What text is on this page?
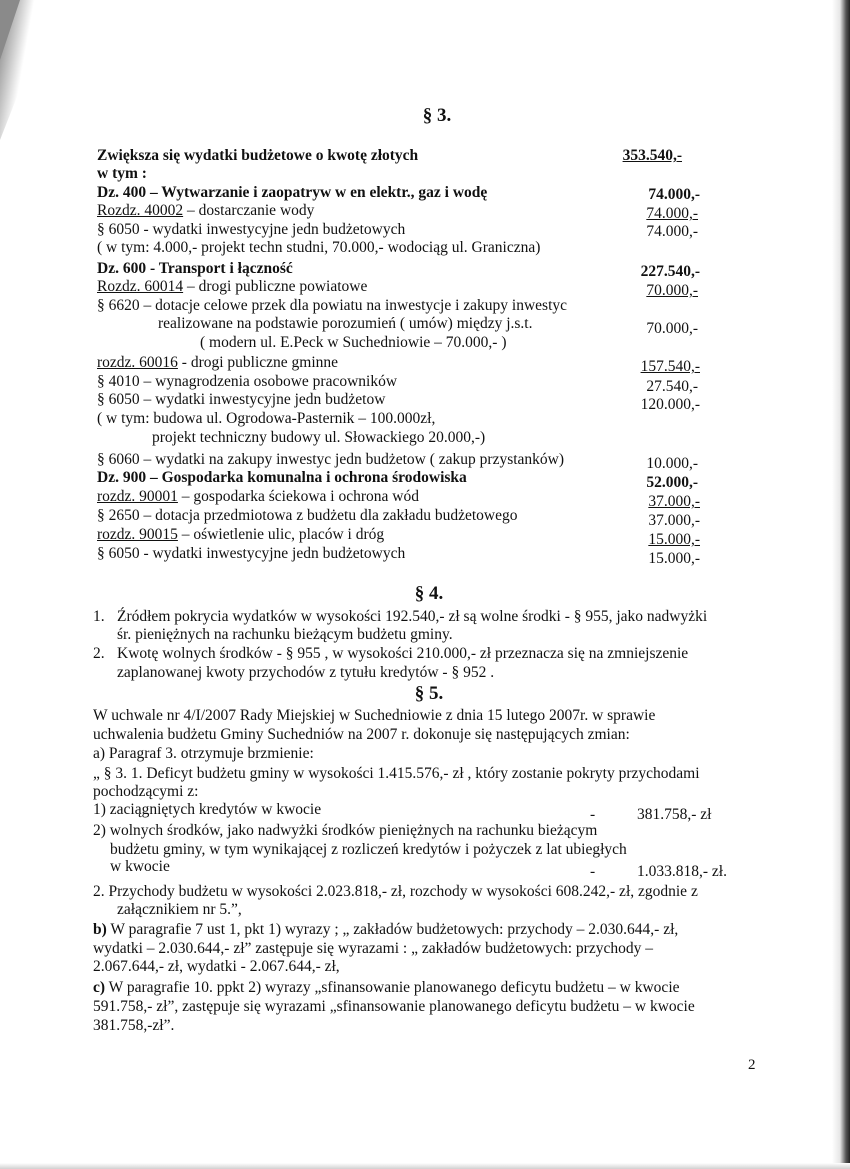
§ 3.
Zwiększa się wydatki budżetowe o kwotę złotych	353.540,-
w tym :
Dz. 400 – Wytwarzanie i zaopatryw w en elektr., gaz i wodę	74.000,-
Rozdz. 40002 – dostarczanie wody	74.000,-
§ 6050 - wydatki inwestycyjne jedn budżetowych	74.000,-
( w tym: 4.000,- projekt techn studni, 70.000,- wodociąg ul. Graniczna)
Dz. 600 - Transport i łączność	227.540,-
Rozdz. 60014 – drogi publiczne powiatowe	70.000,-
§ 6620 – dotacje celowe przek dla powiatu na inwestycje i zakupy inwestyc
realizowane na podstawie porozumień ( umów) między j.s.t.	70.000,-
( modern ul. E.Peck w Suchedniowie – 70.000,- )
rozdz. 60016 - drogi publiczne gminne	157.540,-
§ 4010 – wynagrodzenia osobowe pracowników	27.540,-
§ 6050 – wydatki inwestycyjne jedn budżetow	120.000,-
( w tym: budowa ul. Ogrodowa-Pasternik – 100.000zł,
projekt techniczny budowy ul. Słowackiego 20.000,-)
§ 6060 – wydatki na zakupy inwestyc jedn budżetow ( zakup przystanków)	10.000,-
Dz. 900 – Gospodarka komunalna i ochrona środowiska	52.000,-
rozdz. 90001 – gospodarka ściekowa i ochrona wód	37.000,-
§ 2650 – dotacja przedmiotowa z budżetu dla zakładu budżetowego	37.000,-
rozdz. 90015 – oświetlenie ulic, placów i dróg	15.000,-
§ 6050 - wydatki inwestycyjne jedn budżetowych	15.000,-
§ 4.
1. Źródłem pokrycia wydatków w wysokości 192.540,- zł są wolne środki - § 955, jako nadwyżki
śr. pieniężnych na rachunku bieżącym budżetu gminy.
2. Kwotę wolnych środków - § 955 , w wysokości 210.000,- zł przeznacza się na zmniejszenie
zaplanowanej kwoty przychodów z tytułu kredytów - § 952 .
§ 5.
W uchwale nr 4/I/2007 Rady Miejskiej w Suchedniowie z dnia 15 lutego 2007r. w sprawie
uchwalenia budżetu Gminy Suchedniów na 2007 r. dokonuje się następujących zmian:
a) Paragraf 3. otrzymuje brzmienie:
„ § 3. 1. Deficyt budżetu gminy w wysokości 1.415.576,- zł , który zostanie pokryty przychodami
pochodzącymi z:
1) zaciągniętych kredytów w kwocie	-	381.758,- zł
2) wolnych środków, jako nadwyżki środków pieniężnych na rachunku bieżącym
budżetu gminy, w tym wynikającej z rozliczeń kredytów i pożyczek z lat ubiegłych
w kwocie	-	1.033.818,- zł.
2. Przychody budżetu w wysokości 2.023.818,- zł, rozchody w wysokości 608.242,- zł, zgodnie z
załącznikiem nr 5.”,
b) W paragrafie 7 ust 1, pkt 1) wyrazy ; „ zakładów budżetowych: przychody – 2.030.644,- zł,
wydatki – 2.030.644,- zł” zastępuje się wyrazami : „ zakładów budżetowych: przychody –
2.067.644,- zł, wydatki - 2.067.644,- zł,
c) W paragrafie 10. ppkt 2) wyrazy „sfinansowanie planowanego deficytu budżetu – w kwocie
591.758,- zł”, zastępuje się wyrazami „sfinansowanie planowanego deficytu budżetu – w kwocie
381.758,-zł”.
2
